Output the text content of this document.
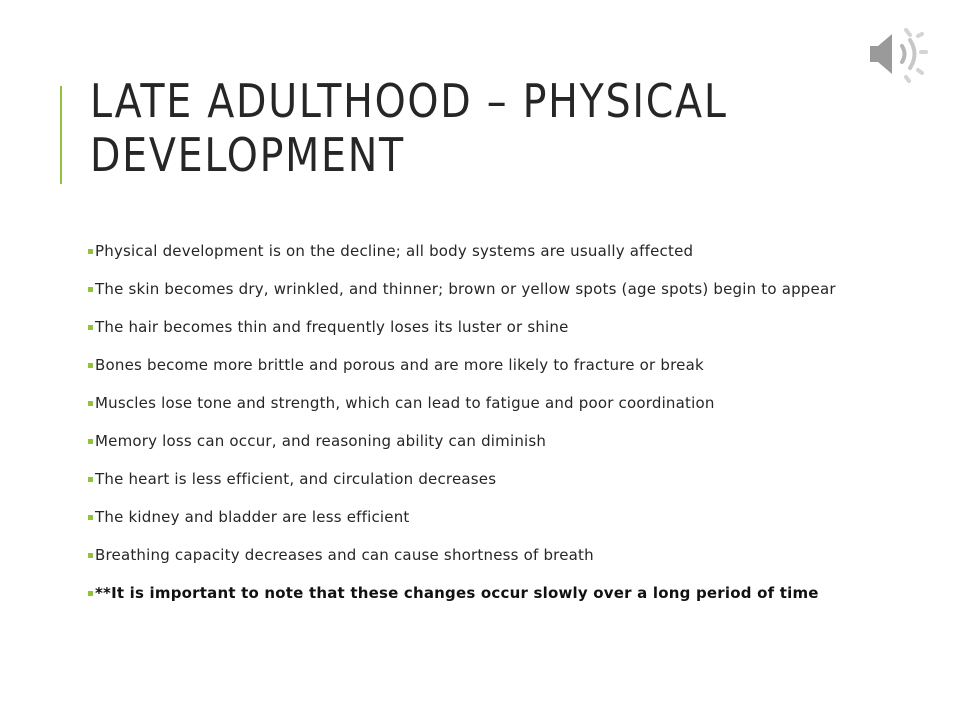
LATE ADULTHOOD – PHYSICAL
DEVELOPMENT
Physical development is on the decline; all body systems are usually affected
The skin becomes dry, wrinkled, and thinner; brown or yellow spots (age spots) begin to appear
The hair becomes thin and frequently loses its luster or shine
Bones become more brittle and porous and are more likely to fracture or break
Muscles lose tone and strength, which can lead to fatigue and poor coordination
Memory loss can occur, and reasoning ability can diminish
The heart is less efficient, and circulation decreases
The kidney and bladder are less efficient
Breathing capacity decreases and can cause shortness of breath
**It is important to note that these changes occur slowly over a long period of time
